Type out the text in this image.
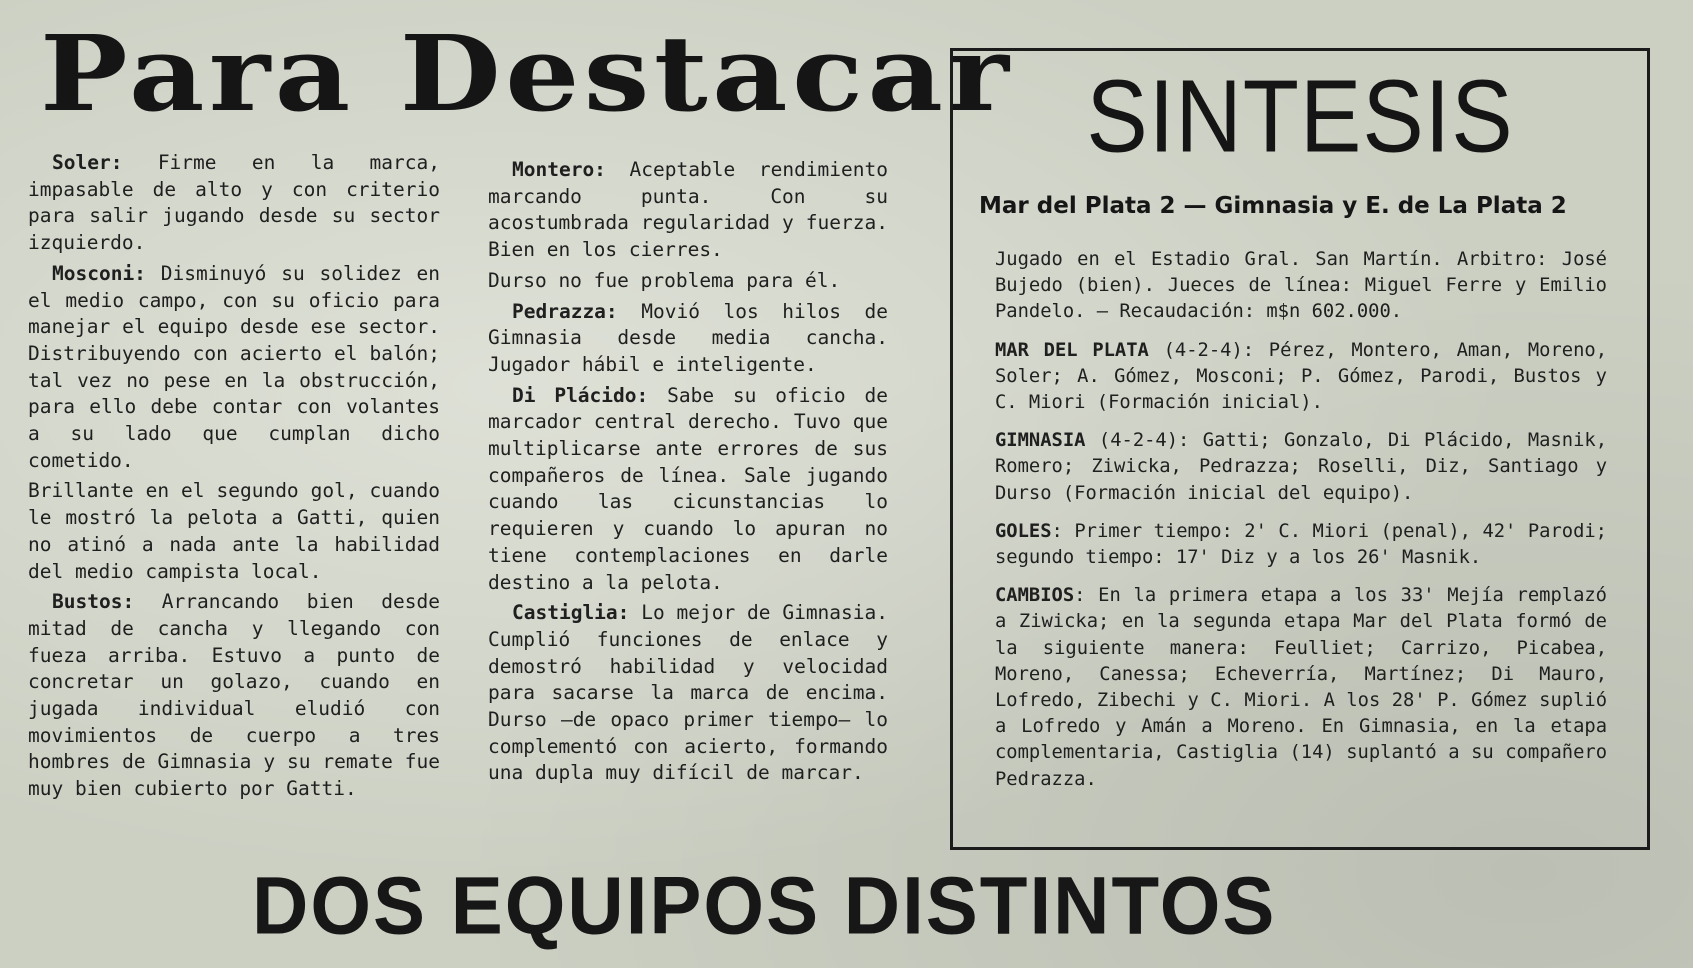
Para Destacar

Soler: Firme en la marca, impasable de alto y con criterio para salir jugando desde su sector izquierdo.

Mosconi: Disminuyó su solidez en el medio campo, con su oficio para manejar el equipo desde ese sector. Distribuyendo con acierto el balón; tal vez no pese en la obstrucción, para ello debe contar con volantes a su lado que cumplan dicho cometido.

Brillante en el segundo gol, cuando le mostró la pelota a Gatti, quien no atinó a nada ante la habilidad del medio campista local.

Bustos: Arrancando bien desde mitad de cancha y llegando con fueza arriba. Estuvo a punto de concretar un golazo, cuando en jugada individual eludió con movimientos de cuerpo a tres hombres de Gimnasia y su remate fue muy bien cubierto por Gatti.

Montero: Aceptable rendimiento marcando punta. Con su acostumbrada regularidad y fuerza. Bien en los cierres.

Durso no fue problema para él.

Pedrazza: Movió los hilos de Gimnasia desde media cancha. Jugador hábil e inteligente.

Di Plácido: Sabe su oficio de marcador central derecho. Tuvo que multiplicarse ante errores de sus compañeros de línea. Sale jugando cuando las cicunstancias lo requieren y cuando lo apuran no tiene contemplaciones en darle destino a la pelota.

Castiglia: Lo mejor de Gimnasia. Cumplió funciones de enlace y demostró habilidad y velocidad para sacarse la marca de encima. Durso —de opaco primer tiempo— lo complementó con acierto, formando una dupla muy difícil de marcar.

SINTESIS
Mar del Plata 2 — Gimnasia y E. de La Plata 2

Jugado en el Estadio Gral. San Martín. Arbitro: José Bujedo (bien). Jueces de línea: Miguel Ferre y Emilio Pandelo. — Recaudación: m$n 602.000.

MAR DEL PLATA (4-2-4): Pérez, Montero, Aman, Moreno, Soler; A. Gómez, Mosconi; P. Gómez, Parodi, Bustos y C. Miori (Formación inicial).

GIMNASIA (4-2-4): Gatti; Gonzalo, Di Plácido, Masnik, Romero; Ziwicka, Pedrazza; Roselli, Diz, Santiago y Durso (Formación inicial del equipo).

GOLES: Primer tiempo: 2' C. Miori (penal), 42' Parodi; segundo tiempo: 17' Diz y a los 26' Masnik.

CAMBIOS: En la primera etapa a los 33' Mejía remplazó a Ziwicka; en la segunda etapa Mar del Plata formó de la siguiente manera: Feulliet; Carrizo, Picabea, Moreno, Canessa; Echeverría, Martínez; Di Mauro, Lofredo, Zibechi y C. Miori. A los 28' P. Gómez suplió a Lofredo y Amán a Moreno. En Gimnasia, en la etapa complementaria, Castiglia (14) suplantó a su compañero Pedrazza.

DOS EQUIPOS DISTINTOS
